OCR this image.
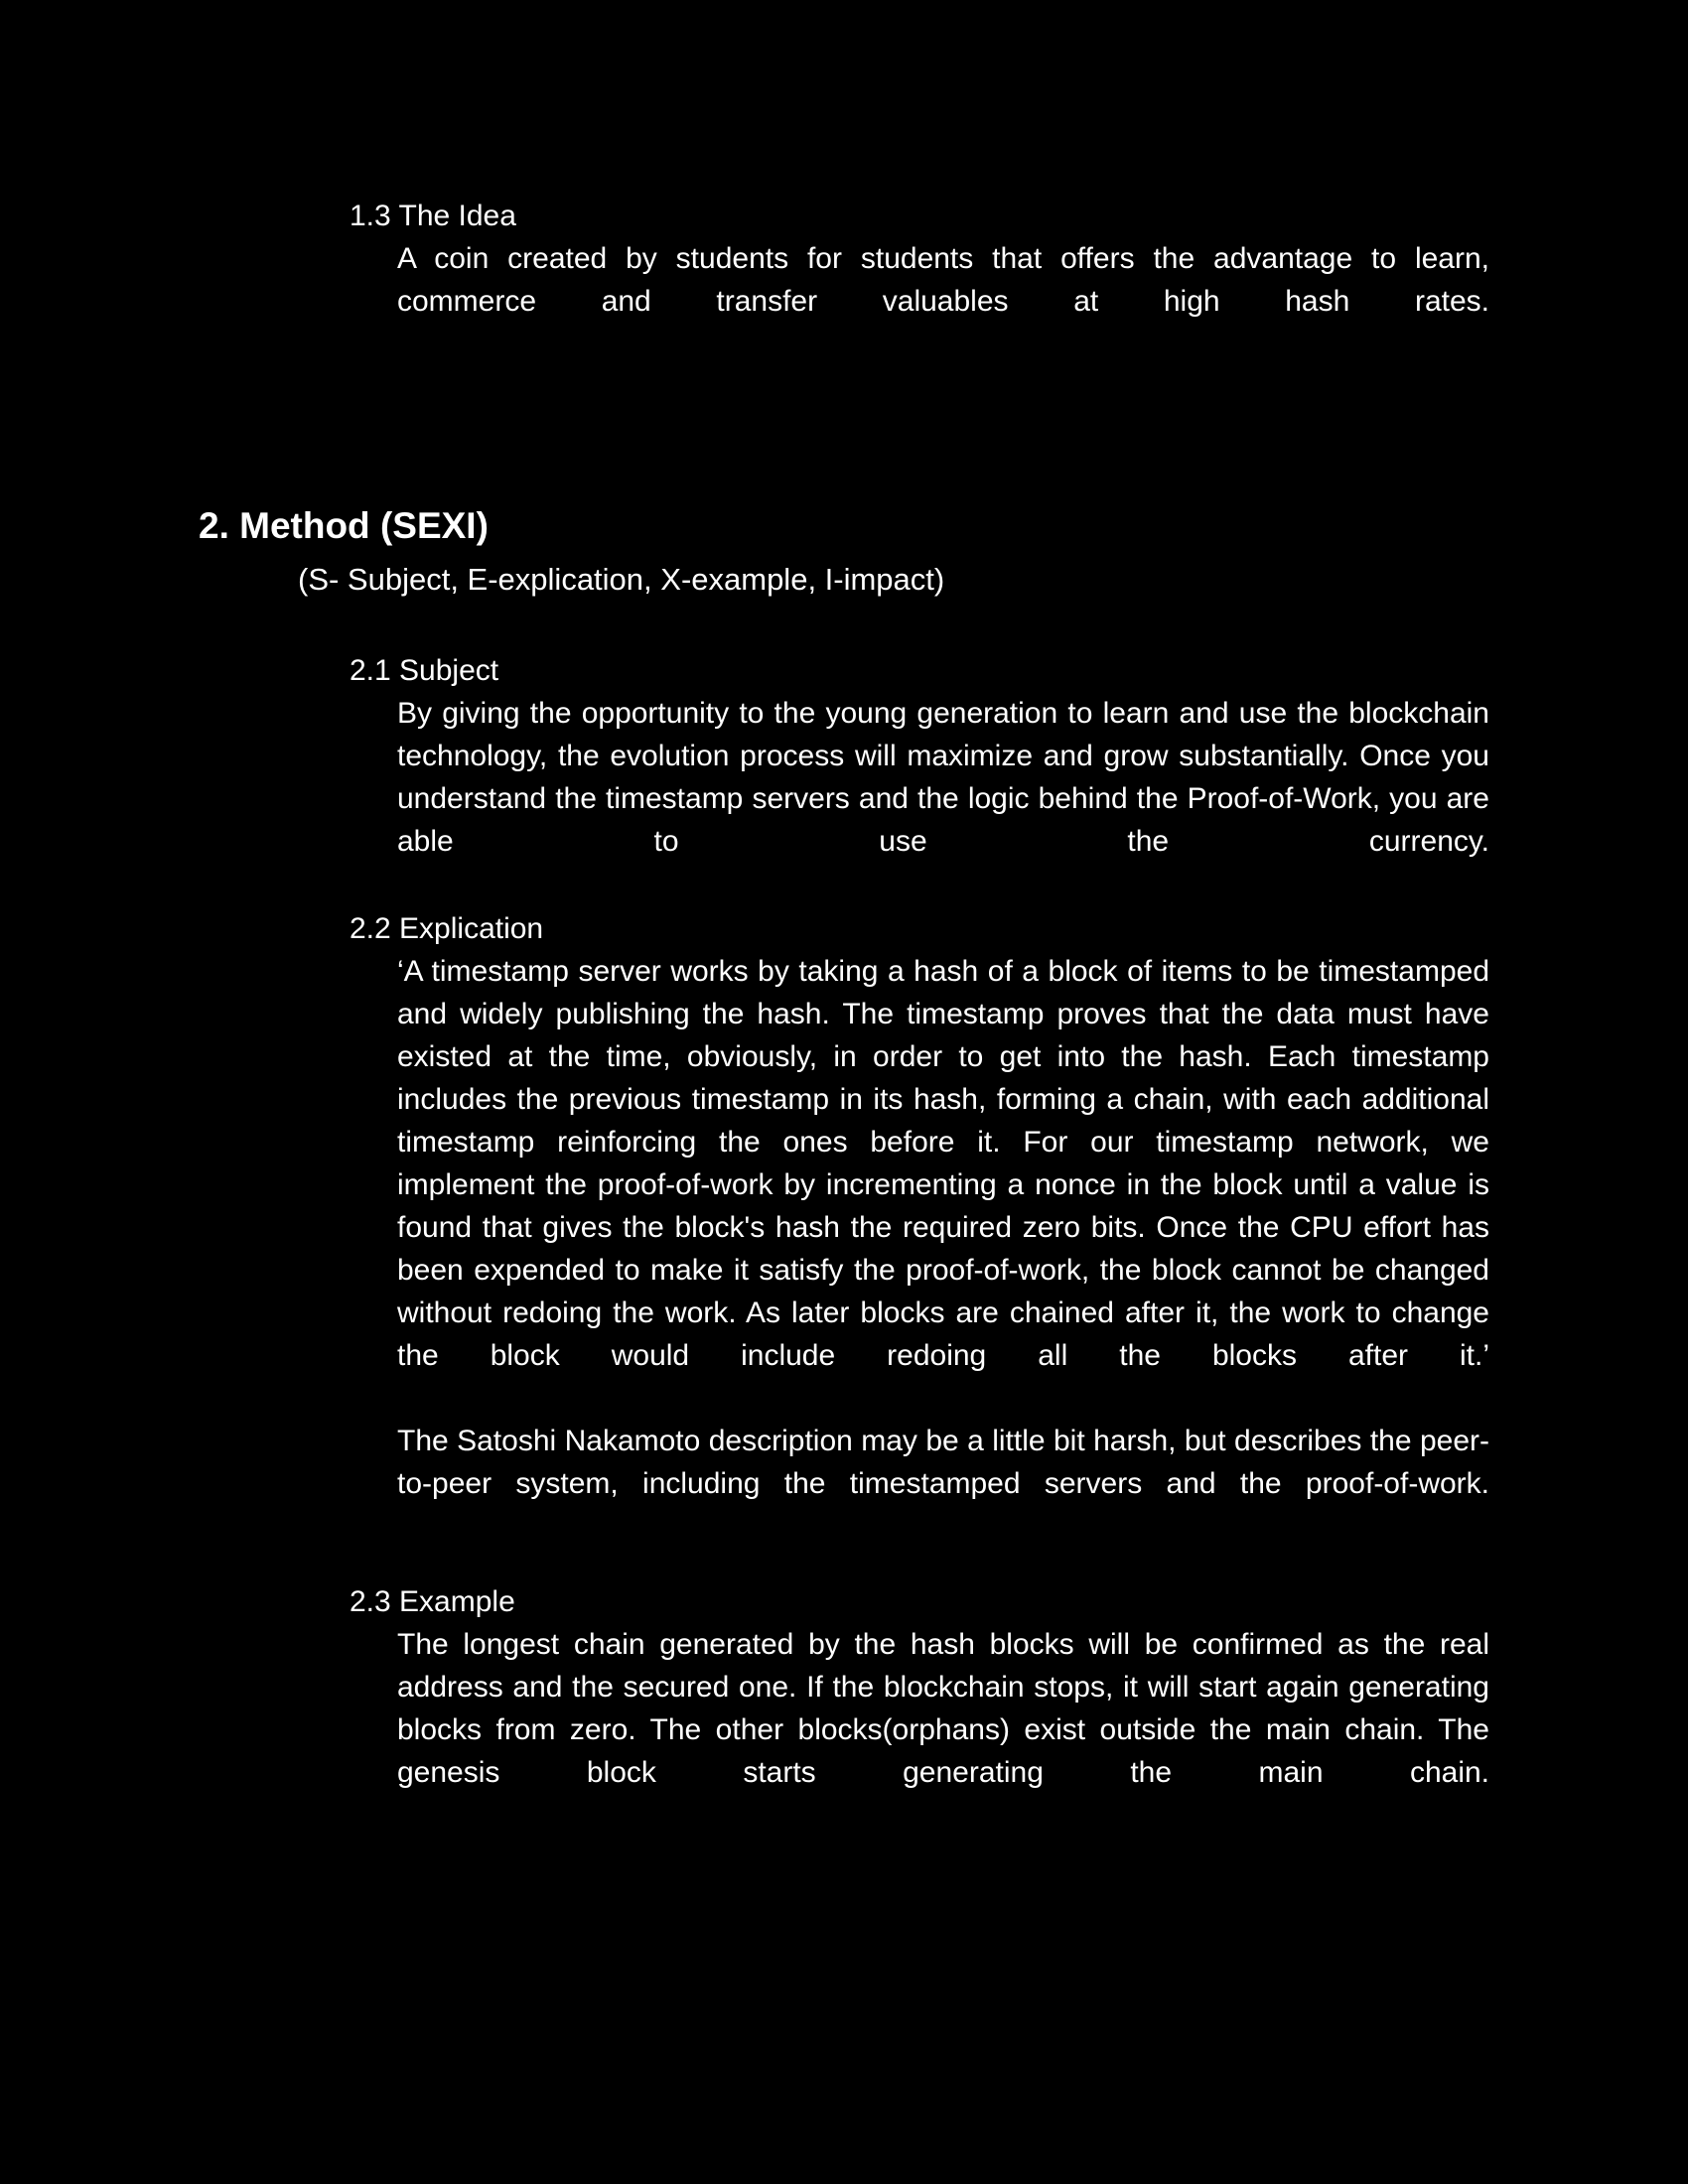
1.3 The Idea

A coin created by students for students that offers the advantage to learn, commerce and transfer valuables at high hash rates.

2. Method (SEXI)

(S- Subject, E-explication, X-example, I-impact)

2.1 Subject

By giving the opportunity to the young generation to learn and use the blockchain technology, the evolution process will maximize and grow substantially. Once you understand the timestamp servers and the logic behind the Proof-of-Work, you are able to use the currency.

2.2 Explication

‘A timestamp server works by taking a hash of a block of items to be timestamped and widely publishing the hash. The timestamp proves that the data must have existed at the time, obviously, in order to get into the hash. Each timestamp includes the previous timestamp in its hash, forming a chain, with each additional timestamp reinforcing the ones before it. For our timestamp network, we implement the proof-of-work by incrementing a nonce in the block until a value is found that gives the block's hash the required zero bits. Once the CPU effort has been expended to make it satisfy the proof-of-work, the block cannot be changed without redoing the work. As later blocks are chained after it, the work to change the block would include redoing all the blocks after it.’

The Satoshi Nakamoto description may be a little bit harsh, but describes the peer-to-peer system, including the timestamped servers and the proof-of-work.

2.3 Example

The longest chain generated by the hash blocks will be confirmed as the real address and the secured one. If the blockchain stops, it will start again generating blocks from zero. The other blocks(orphans) exist outside the main chain. The genesis block starts generating the main chain.
